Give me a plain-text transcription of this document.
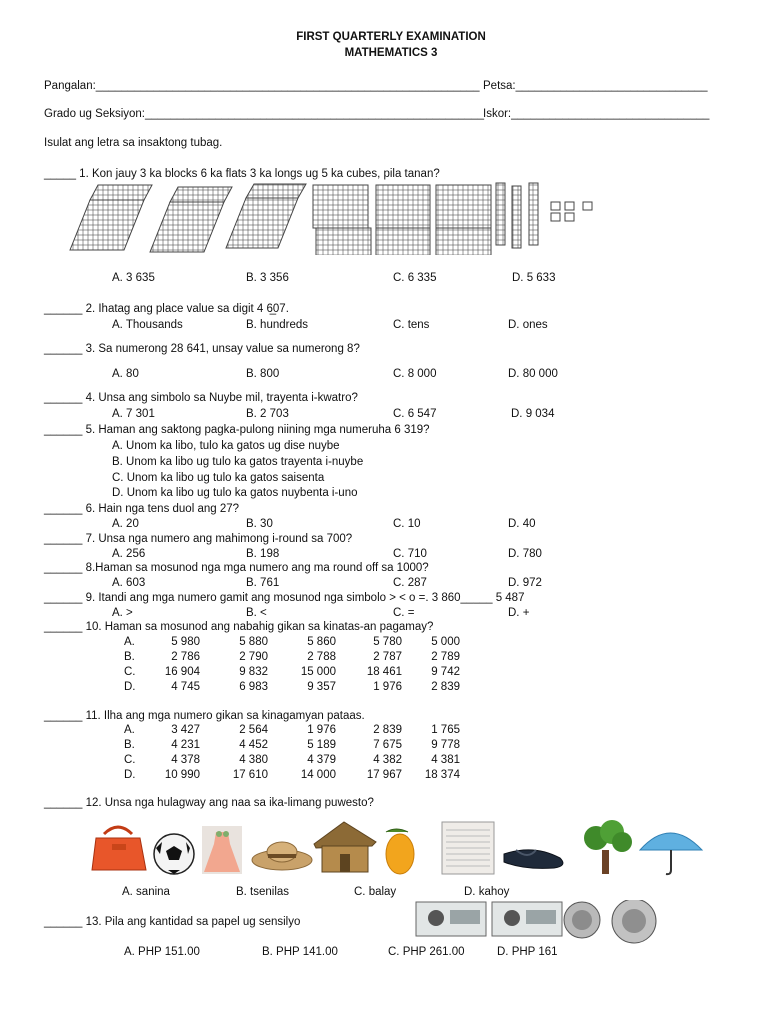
FIRST QUARTERLY EXAMINATION
MATHEMATICS 3
Pangalan:____________________________________________________________ Petsa:______________________________
Grado ug Seksiyon:_____________________________________________________ Iskor:_______________________________
Isulat ang letra sa insaktong tubag.
_____ 1. Kon jauy 3 ka blocks 6 ka flats 3 ka longs ug 5 ka cubes, pila tanan?
A. 3 635	B. 3 356	C. 6 335	D. 5 633
______ 2. Ihatag ang place value sa digit 4 6̲07.
A. Thousands	B. hundreds	C. tens	D. ones
______ 3. Sa numerong 28 641, unsay value sa numerong 8?
A. 80	B. 800	C. 8 000	D. 80 000
______ 4. Unsa ang simbolo sa Nuybe mil, trayenta i-kwatro?
A. 7 301	B. 2 703	C. 6 547	D. 9 034
______ 5. Haman ang saktong pagka-pulong niining mga numeruha 6 319?
A. Unom ka libo, tulo ka gatos ug dise nuybe
B. Unom ka libo ug tulo ka gatos trayenta i-nuybe
C. Unom ka libo ug tulo ka gatos saisenta
D. Unom ka libo ug tulo ka gatos nuybenta i-uno
______ 6. Hain nga tens duol ang 27?
A. 20	B. 30	C. 10	D. 40
______ 7. Unsa nga numero ang mahimong i-round sa 700?
A. 256	B. 198	C. 710	D. 780
______ 8.Haman sa mosunod nga mga numero ang ma round off sa 1000?
A. 603	B. 761	C. 287	D. 972
______ 9. Itandi ang mga numero gamit ang mosunod nga simbolo > < o =. 3 860_____ 5 487
A. >	B. <	C. =	D. +
______ 10. Haman sa mosunod ang nabahig gikan sa kinatas-an pagamay?
A.	5 980	5 880	5 860	5 780	5 000
B.	2 786	2 790	2 788	2 787	2 789
C.	16 904	9 832	15 000	18 461	9 742
D.	4 745	6 983	9 357	1 976	2 839
______ 11. Ilha ang mga numero gikan sa kinagamyan pataas.
A.	3 427	2 564	1 976	2 839	1 765
B.	4 231	4 452	5 189	7 675	9 778
C.	4 378	4 380	4 379	4 382	4 381
D.	10 990	17 610	14 000	17 967	18 374
______ 12. Unsa nga hulagway ang naa sa ika-limang puwesto?
A. sanina	B. tsenilas	C. balay	D. kahoy
______ 13. Pila ang kantidad sa papel ug sensilyo
A. PHP 151.00	B. PHP 141.00	C. PHP 261.00	D. PHP 161
